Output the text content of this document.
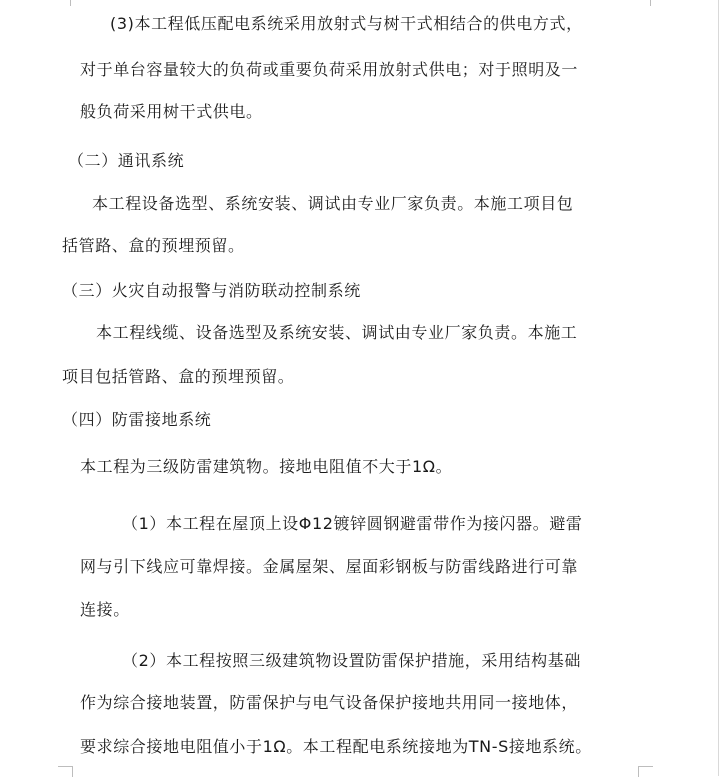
(3)本工程低压配电系统采用放射式与树干式相结合的供电方式，
对于单台容量较大的负荷或重要负荷采用放射式供电；对于照明及一
般负荷采用树干式供电。
（二）通讯系统
本工程设备选型、系统安装、调试由专业厂家负责。本施工项目包
括管路、盒的预埋预留。
（三）火灾自动报警与消防联动控制系统
本工程线缆、设备选型及系统安装、调试由专业厂家负责。本施工
项目包括管路、盒的预埋预留。
（四）防雷接地系统
本工程为三级防雷建筑物。接地电阻值不大于1Ω。
（1）本工程在屋顶上设Φ12镀锌圆钢避雷带作为接闪器。避雷
网与引下线应可靠焊接。金属屋架、屋面彩钢板与防雷线路进行可靠
连接。
（2）本工程按照三级建筑物设置防雷保护措施，采用结构基础
作为综合接地装置，防雷保护与电气设备保护接地共用同一接地体，
要求综合接地电阻值小于1Ω。本工程配电系统接地为TN-S接地系统。
